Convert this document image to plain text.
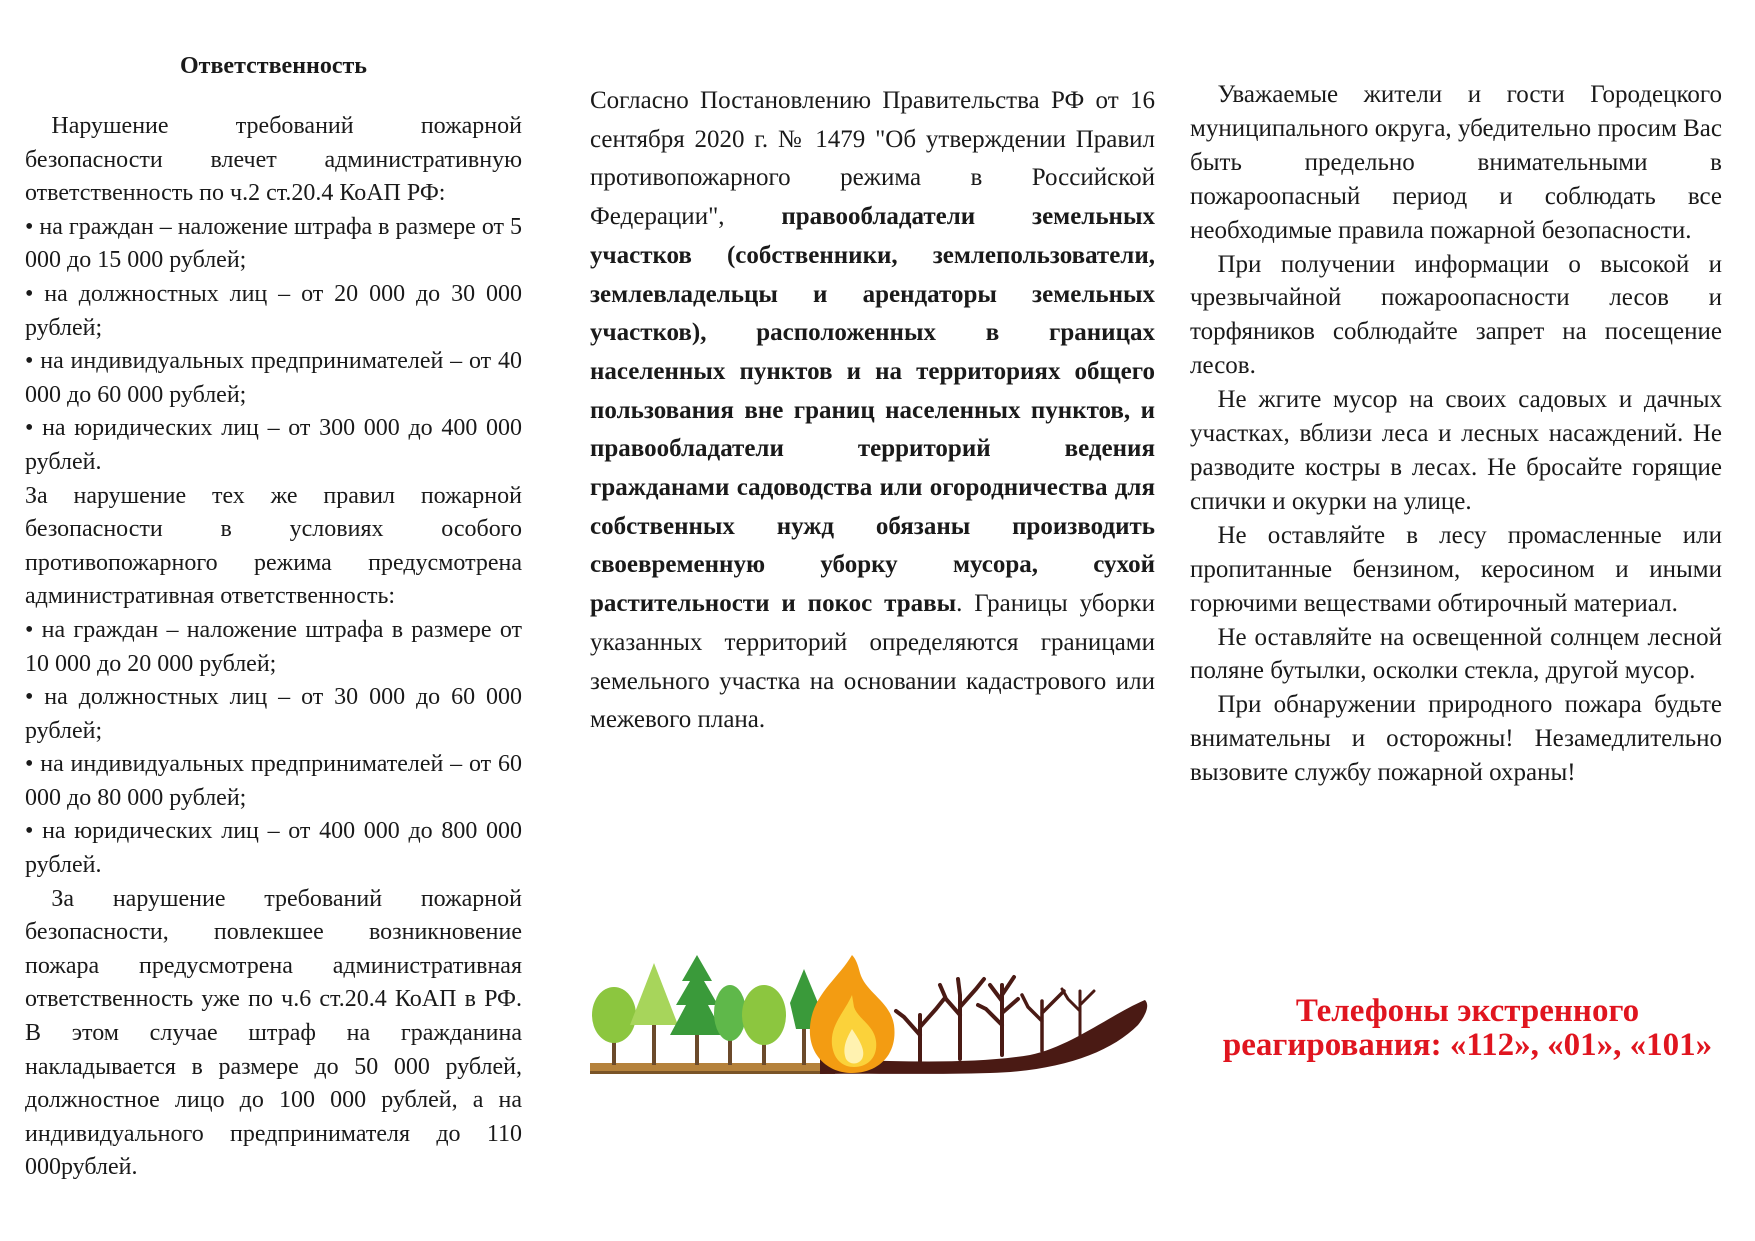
Ответственность

Нарушение требований пожарной безопасности влечет административную ответственность по ч.2 ст.20.4 КоАП РФ:

• на граждан – наложение штрафа в размере от 5 000 до 15 000 рублей;

• на должностных лиц – от 20 000 до 30 000 рублей;

• на индивидуальных предпринимателей – от 40 000 до 60 000 рублей;

• на юридических лиц – от 300 000 до 400 000 рублей.

За нарушение тех же правил пожарной безопасности в условиях особого противопожарного режима предусмотрена административная ответственность:

• на граждан – наложение штрафа в размере от 10 000 до 20 000 рублей;

• на должностных лиц – от 30 000 до 60 000 рублей;

• на индивидуальных предпринимателей – от 60 000 до 80 000 рублей;

• на юридических лиц – от 400 000 до 800 000 рублей.

За нарушение требований пожарной безопасности, повлекшее возникновение пожара предусмотрена административная ответственность уже по ч.6 ст.20.4 КоАП в РФ. В этом случае штраф на гражданина накладывается в размере до 50 000 рублей, должностное лицо до 100 000 рублей, а на индивидуального предпринимателя до 110 000рублей.

Согласно Постановлению Правительства РФ от 16 сентября 2020 г. № 1479 "Об утверждении Правил противопожарного режима в Российской Федерации", правообладатели земельных участков (собственники, землепользователи, землевладельцы и арендаторы земельных участков), расположенных в границах населенных пунктов и на территориях общего пользования вне границ населенных пунктов, и правообладатели территорий ведения гражданами садоводства или огородничества для собственных нужд обязаны производить своевременную уборку мусора, сухой растительности и покос травы. Границы уборки указанных территорий определяются границами земельного участка на основании кадастрового или межевого плана.

Уважаемые жители и гости Городецкого муниципального округа, убедительно просим Вас быть предельно внимательными в пожароопасный период и соблюдать все необходимые правила пожарной безопасности.

При получении информации о высокой и чрезвычайной пожароопасности лесов и торфяников соблюдайте запрет на посещение лесов.

Не жгите мусор на своих садовых и дачных участках, вблизи леса и лесных насаждений. Не разводите костры в лесах. Не бросайте горящие спички и окурки на улице.

Не оставляйте в лесу промасленные или пропитанные бензином, керосином и иными горючими веществами обтирочный материал.

Не оставляйте на освещенной солнцем лесной поляне бутылки, осколки стекла, другой мусор.

При обнаружении природного пожара будьте внимательны и осторожны! Незамедлительно вызовите службу пожарной охраны!

Телефоны экстренного
реагирования: «112», «01», «101»
